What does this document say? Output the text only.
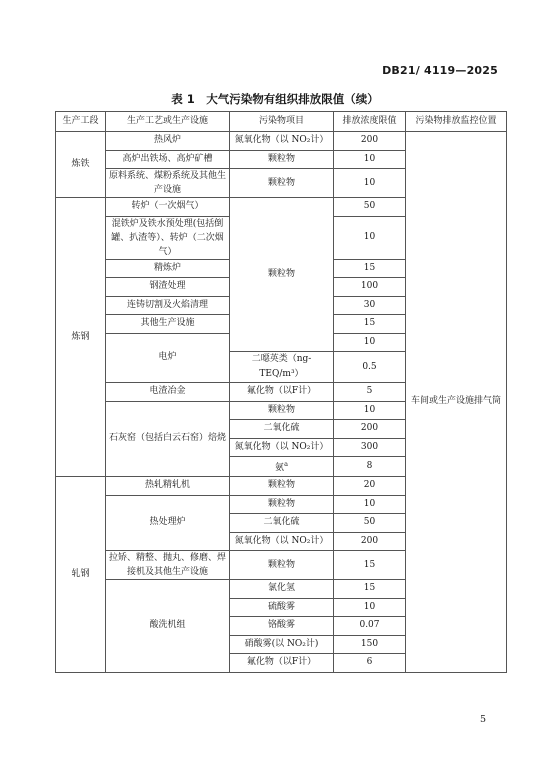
DB21/ 4119—2025
表 1　大气污染物有组织排放限值（续）
生产工段	生产工艺或生产设施	污染物项目	排放浓度限值	污染物排放监控位置
炼铁	热风炉	氮氧化物（以 NO₂计）	200	车间或生产设施排气筒
	高炉出铁场、高炉矿槽	颗粒物	10	
	原料系统、煤粉系统及其他生产设施	颗粒物	10	

炼钢	转炉（一次烟气）	颗粒物	50	
	混铁炉及铁水预处理(包括倒罐、扒渣等）、转炉（二次烟气）		10	

	精炼炉		15	
	钢渣处理		100	
	连铸切割及火焰清理		30	
	其他生产设施		15	
	电炉		10	
		二噁英类（ng-TEQ/m³）	0.5	
	电渣冶金	氟化物（以F计）	5	
	石灰窑（包括白云石窑）焙烧	颗粒物	10	
		二氧化硫	200	
		氮氧化物（以 NO₂计）	300	
		氨$^a$	8	

轧钢	热轧精轧机	颗粒物	20	
	热处理炉	颗粒物	10	
		二氧化硫	50	
		氮氧化物（以 NO₂计）	200	
	拉矫、精整、抛丸、修磨、焊接机及其他生产设施	颗粒物	15	

	酸洗机组	氯化氢	15	
		硫酸雾	10	
		铬酸雾	0.07	
		硝酸雾(以 NO₂计)	150	
		氟化物（以F计）	6	

5
